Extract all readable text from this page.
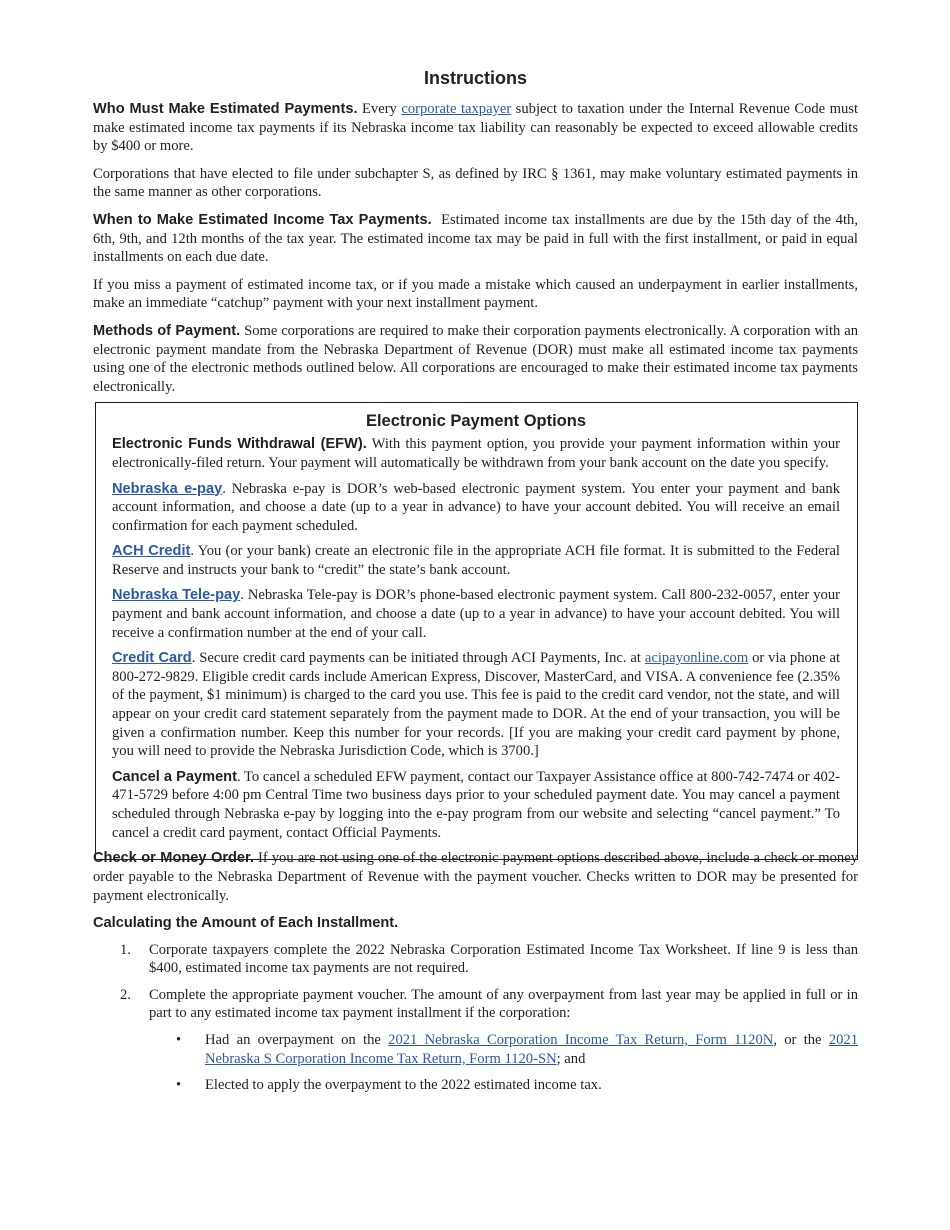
Instructions

Who Must Make Estimated Payments. Every corporate taxpayer subject to taxation under the Internal Revenue Code must make estimated income tax payments if its Nebraska income tax liability can reasonably be expected to exceed allowable credits by $400 or more.

Corporations that have elected to file under subchapter S, as defined by IRC § 1361, may make voluntary estimated payments in the same manner as other corporations.

When to Make Estimated Income Tax Payments.  Estimated income tax installments are due by the 15th day of the 4th, 6th, 9th, and 12th months of the tax year. The estimated income tax may be paid in full with the first installment, or paid in equal installments on each due date.

If you miss a payment of estimated income tax, or if you made a mistake which caused an underpayment in earlier installments, make an immediate “catchup” payment with your next installment payment.

Methods of Payment. Some corporations are required to make their corporation payments electronically. A corporation with an electronic payment mandate from the Nebraska Department of Revenue (DOR) must make all estimated income tax payments using one of the electronic methods outlined below. All corporations are encouraged to make their estimated income tax payments electronically.

Electronic Payment Options

Electronic Funds Withdrawal (EFW). With this payment option, you provide your payment information within your electronically-filed return. Your payment will automatically be withdrawn from your bank account on the date you specify.

Nebraska e-pay. Nebraska e-pay is DOR’s web-based electronic payment system. You enter your payment and bank account information, and choose a date (up to a year in advance) to have your account debited. You will receive an email confirmation for each payment scheduled.

ACH Credit. You (or your bank) create an electronic file in the appropriate ACH file format. It is submitted to the Federal Reserve and instructs your bank to “credit” the state’s bank account.

Nebraska Tele-pay. Nebraska Tele-pay is DOR’s phone-based electronic payment system. Call 800-232-0057, enter your payment and bank account information, and choose a date (up to a year in advance) to have your account debited. You will receive a confirmation number at the end of your call.

Credit Card. Secure credit card payments can be initiated through ACI Payments, Inc. at acipayonline.com or via phone at 800-272-9829. Eligible credit cards include American Express, Discover, MasterCard, and VISA. A convenience fee (2.35% of the payment, $1 minimum) is charged to the card you use. This fee is paid to the credit card vendor, not the state, and will appear on your credit card statement separately from the payment made to DOR. At the end of your transaction, you will be given a confirmation number. Keep this number for your records. [If you are making your credit card payment by phone, you will need to provide the Nebraska Jurisdiction Code, which is 3700.]

Cancel a Payment. To cancel a scheduled EFW payment, contact our Taxpayer Assistance office at 800-742-7474 or 402-471-5729 before 4:00 pm Central Time two business days prior to your scheduled payment date. You may cancel a payment scheduled through Nebraska e-pay by logging into the e-pay program from our website and selecting “cancel payment.” To cancel a credit card payment, contact Official Payments.

Check or Money Order. If you are not using one of the electronic payment options described above, include a check or money order payable to the Nebraska Department of Revenue with the payment voucher. Checks written to DOR may be presented for payment electronically.

Calculating the Amount of Each Installment.
1. Corporate taxpayers complete the 2022 Nebraska Corporation Estimated Income Tax Worksheet. If line 9 is less than $400, estimated income tax payments are not required.
2. Complete the appropriate payment voucher. The amount of any overpayment from last year may be applied in full or in part to any estimated income tax payment installment if the corporation:
• Had an overpayment on the 2021 Nebraska Corporation Income Tax Return, Form 1120N, or the 2021 Nebraska S Corporation Income Tax Return, Form 1120-SN; and
• Elected to apply the overpayment to the 2022 estimated income tax.
